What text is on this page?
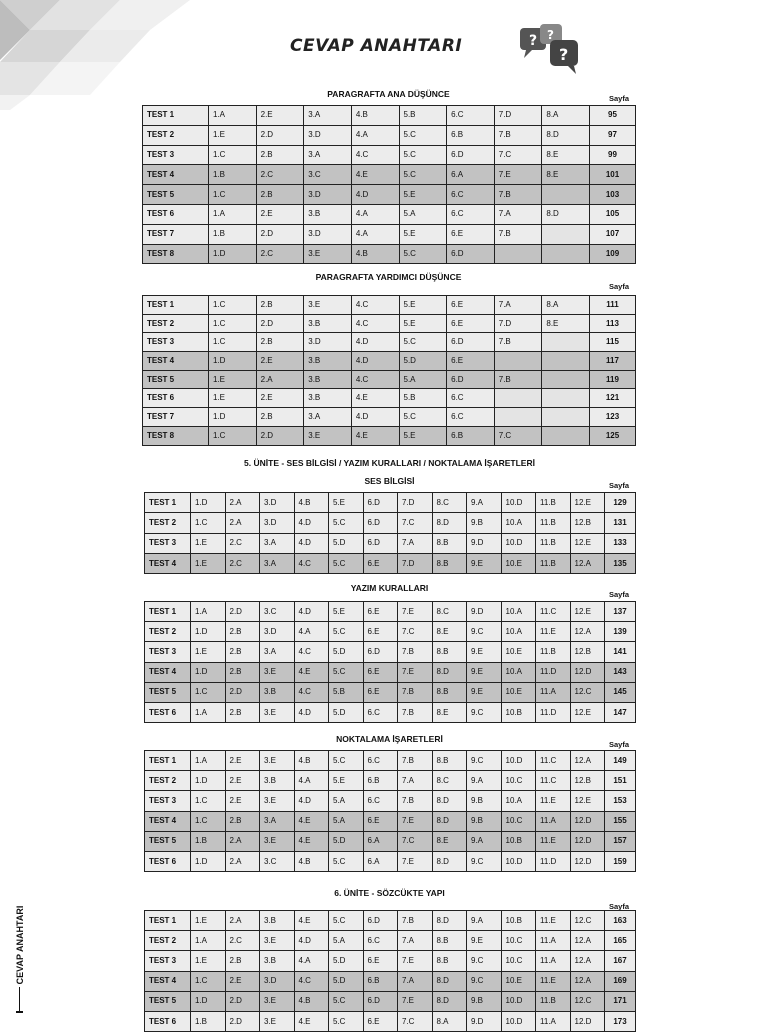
CEVAP ANAHTARI	? ?
?
CEVAP ANAHTARI
PARAGRAFTA ANA DÜŞÜNCE	Sayfa
TEST 1	1.A	2.E	3.A	4.B	5.B	6.C	7.D	8.A	95
TEST 2	1.E	2.D	3.D	4.A	5.C	6.B	7.B	8.D	97
TEST 3	1.C	2.B	3.A	4.C	5.C	6.D	7.C	8.E	99
TEST 4	1.B	2.C	3.C	4.E	5.C	6.A	7.E	8.E	101
TEST 5	1.C	2.B	3.D	4.D	5.E	6.C	7.B		103
TEST 6	1.A	2.E	3.B	4.A	5.A	6.C	7.A	8.D	105
TEST 7	1.B	2.D	3.D	4.A	5.E	6.E	7.B		107
TEST 8	1.D	2.C	3.E	4.B	5.C	6.D			109
PARAGRAFTA YARDIMCI DÜŞÜNCE
Sayfa
TEST 1	1.C	2.B	3.E	4.C	5.E	6.E	7.A	8.A	111
TEST 2	1.C	2.D	3.B	4.C	5.E	6.E	7.D	8.E	113
TEST 3	1.C	2.B	3.D	4.D	5.C	6.D	7.B		115
TEST 4	1.D	2.E	3.B	4.D	5.D	6.E			117
TEST 5	1.E	2.A	3.B	4.C	5.A	6.D	7.B		119
TEST 6	1.E	2.E	3.B	4.E	5.B	6.C			121
TEST 7	1.D	2.B	3.A	4.D	5.C	6.C			123
TEST 8	1.C	2.D	3.E	4.E	5.E	6.B	7.C		125
5. ÜNİTE - SES BİLGİSİ / YAZIM KURALLARI / NOKTALAMA İŞARETLERİ
SES BİLGİSİ	Sayfa
TEST 1	1.D	2.A	3.D	4.B	5.E	6.D	7.D	8.C	9.A	10.D	11.B	12.E	129
TEST 2	1.C	2.A	3.D	4.D	5.C	6.D	7.C	8.D	9.B	10.A	11.B	12.B	131
TEST 3	1.E	2.C	3.A	4.D	5.D	6.D	7.A	8.B	9.D	10.D	11.B	12.E	133
TEST 4	1.E	2.C	3.A	4.C	5.C	6.E	7.D	8.B	9.E	10.E	11.B	12.A	135
YAZIM KURALLARI
Sayfa
TEST 1	1.A	2.D	3.C	4.D	5.E	6.E	7.E	8.C	9.D	10.A	11.C	12.E	137
TEST 2	1.D	2.B	3.D	4.A	5.C	6.E	7.C	8.E	9.C	10.A	11.E	12.A	139
TEST 3	1.E	2.B	3.A	4.C	5.D	6.D	7.B	8.B	9.E	10.E	11.B	12.B	141
TEST 4	1.D	2.B	3.E	4.E	5.C	6.E	7.E	8.D	9.E	10.A	11.D	12.D	143
TEST 5	1.C	2.D	3.B	4.C	5.B	6.E	7.B	8.B	9.E	10.E	11.A	12.C	145
TEST 6	1.A	2.B	3.E	4.D	5.D	6.C	7.B	8.E	9.C	10.B	11.D	12.E	147
NOKTALAMA İŞARETLERİ
Sayfa
TEST 1	1.A	2.E	3.E	4.B	5.C	6.C	7.B	8.B	9.C	10.D	11.C	12.A	149
TEST 2	1.D	2.E	3.B	4.A	5.E	6.B	7.A	8.C	9.A	10.C	11.C	12.B	151
TEST 3	1.C	2.E	3.E	4.D	5.A	6.C	7.B	8.D	9.B	10.A	11.E	12.E	153
TEST 4	1.C	2.B	3.A	4.E	5.A	6.E	7.E	8.D	9.B	10.C	11.A	12.D	155
TEST 5	1.B	2.A	3.E	4.E	5.D	6.A	7.C	8.E	9.A	10.B	11.E	12.D	157
TEST 6	1.D	2.A	3.C	4.B	5.C	6.A	7.E	8.D	9.C	10.D	11.D	12.D	159
6. ÜNİTE - SÖZCÜKTE YAPI
Sayfa
TEST 1	1.E	2.A	3.B	4.E	5.C	6.D	7.B	8.D	9.A	10.B	11.E	12.C	163
TEST 2	1.A	2.C	3.E	4.D	5.A	6.C	7.A	8.B	9.E	10.C	11.A	12.A	165
TEST 3	1.E	2.B	3.B	4.A	5.D	6.E	7.E	8.B	9.C	10.C	11.A	12.A	167
TEST 4	1.C	2.E	3.D	4.C	5.D	6.B	7.A	8.D	9.C	10.E	11.E	12.A	169
TEST 5	1.D	2.D	3.E	4.B	5.C	6.D	7.E	8.D	9.B	10.D	11.B	12.C	171
TEST 6	1.B	2.D	3.E	4.E	5.C	6.E	7.C	8.A	9.D	10.D	11.A	12.D	173
